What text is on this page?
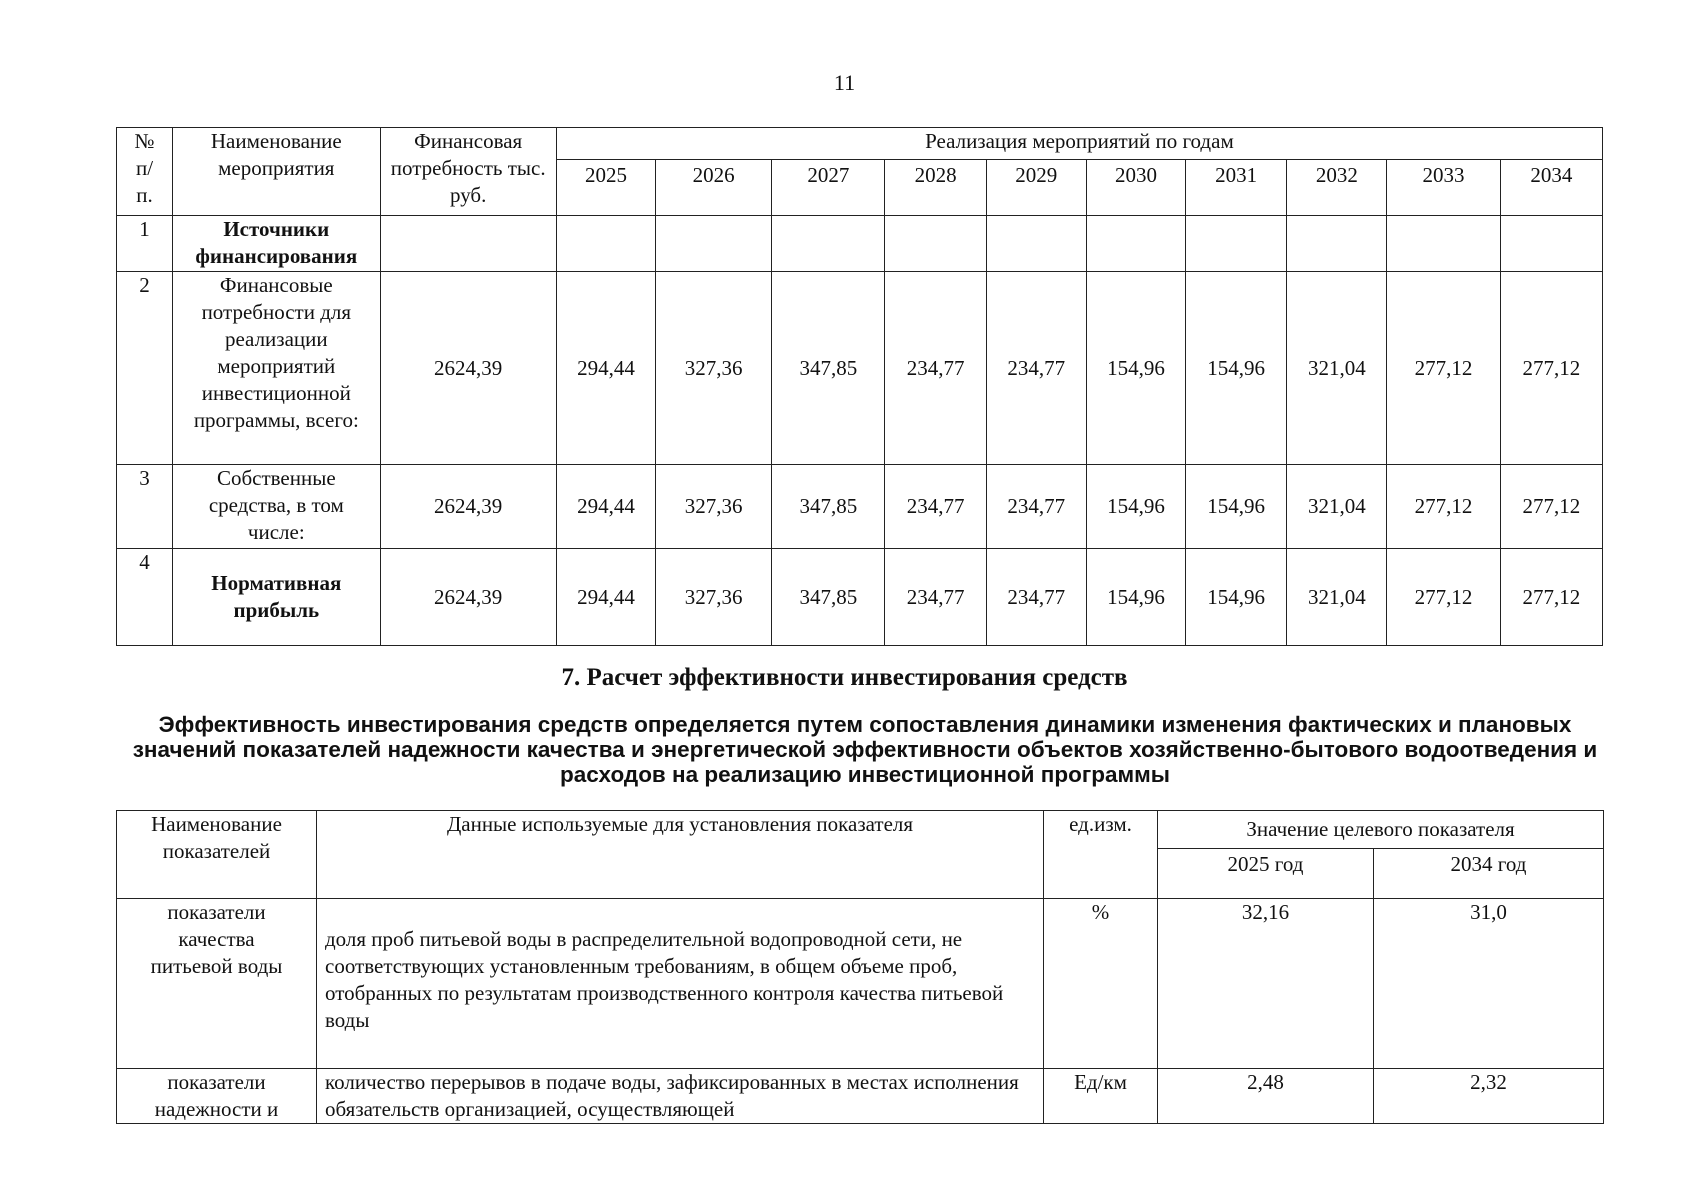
11
№ п/ п.	Наименование мероприятия	Финансовая потребность тыс. руб.	Реализация мероприятий по годам									
			2025	2026	2027	2028	2029	2030	2031	2032	2033	2034
1	Источники финансирования											
2	Финансовые потребности для реализации мероприятий инвестиционной программы, всего:	2624,39	294,44	327,36	347,85	234,77	234,77	154,96	154,96	321,04	277,12	277,12
3	Собственные средства, в том числе:	2624,39	294,44	327,36	347,85	234,77	234,77	154,96	154,96	321,04	277,12	277,12
4	Нормативная прибыль	2624,39	294,44	327,36	347,85	234,77	234,77	154,96	154,96	321,04	277,12	277,12
7. Расчет эффективности инвестирования средств
Эффективность инвестирования средств определяется путем сопоставления динамики изменения фактических и плановых значений показателей надежности качества и энергетической эффективности объектов хозяйственно-бытового водоотведения и расходов на реализацию инвестиционной программы
Наименование показателей	Данные используемые для установления показателя	ед.изм.	Значение целевого показателя	
			2025 год	2034 год
показатели качества питьевой воды	доля проб питьевой воды в распределительной водопроводной сети, не соответствующих установленным требованиям, в общем объеме проб, отобранных по результатам производственного контроля качества питьевой воды	%	32,16	31,0
показатели надежности и	количество перерывов в подаче воды, зафиксированных в местах исполнения обязательств организацией, осуществляющей	Ед/км	2,48	2,32
